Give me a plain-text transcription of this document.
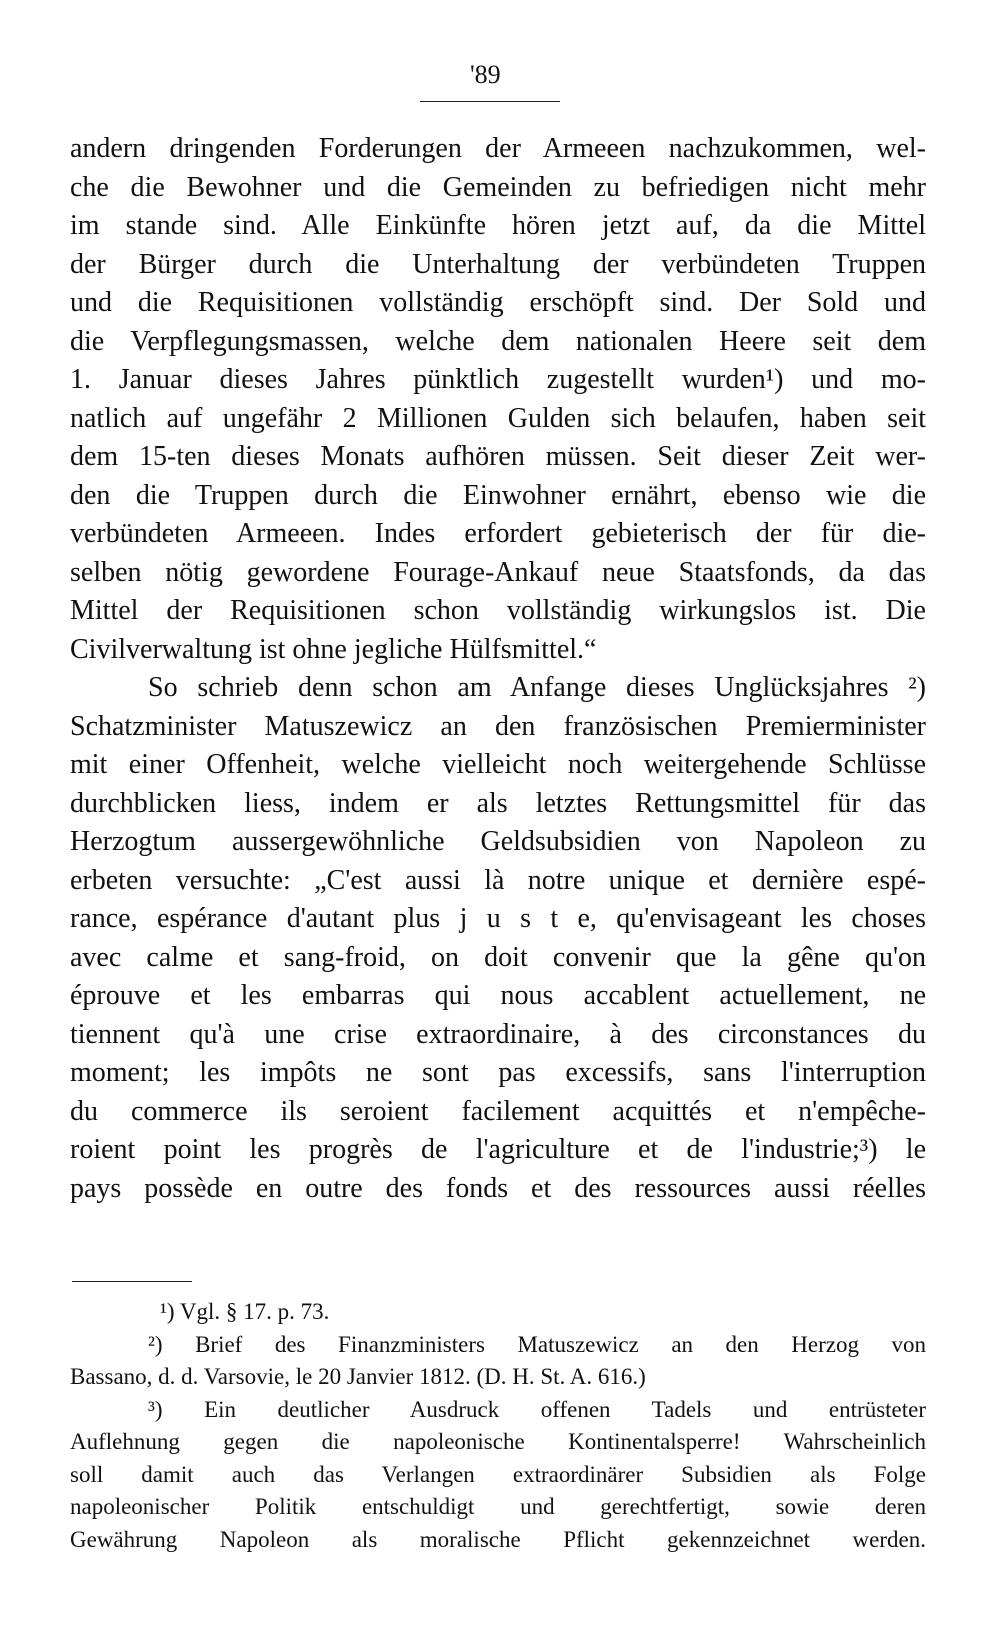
'89
andern dringenden Forderungen der Armeeen nachzukommen, wel-
che die Bewohner und die Gemeinden zu befriedigen nicht mehr
im stande sind. Alle Einkünfte hören jetzt auf, da die Mittel
der Bürger durch die Unterhaltung der verbündeten Truppen
und die Requisitionen vollständig erschöpft sind. Der Sold und
die Verpflegungsmassen, welche dem nationalen Heere seit dem
1. Januar dieses Jahres pünktlich zugestellt wurden¹) und mo-
natlich auf ungefähr 2 Millionen Gulden sich belaufen, haben seit
dem 15-ten dieses Monats aufhören müssen. Seit dieser Zeit wer-
den die Truppen durch die Einwohner ernährt, ebenso wie die
verbündeten Armeeen. Indes erfordert gebieterisch der für die-
selben nötig gewordene Fourage-Ankauf neue Staatsfonds, da das
Mittel der Requisitionen schon vollständig wirkungslos ist. Die
Civilverwaltung ist ohne jegliche Hülfsmittel.“
So schrieb denn schon am Anfange dieses Unglücksjahres ²)
Schatzminister Matuszewicz an den französischen Premierminister
mit einer Offenheit, welche vielleicht noch weitergehende Schlüsse
durchblicken liess, indem er als letztes Rettungsmittel für das
Herzogtum aussergewöhnliche Geldsubsidien von Napoleon zu
erbeten versuchte: „C'est aussi là notre unique et dernière espé-
rance, espérance d'autant plus j u s t e, qu'envisageant les choses
avec calme et sang-froid, on doit convenir que la gêne qu'on
éprouve et les embarras qui nous accablent actuellement, ne
tiennent qu'à une crise extraordinaire, à des circonstances du
moment; les impôts ne sont pas excessifs, sans l'interruption
du commerce ils seroient facilement acquittés et n'empêche-
roient point les progrès de l'agriculture et de l'industrie;³) le
pays possède en outre des fonds et des ressources aussi réelles
¹) Vgl. § 17. p. 73.
²) Brief des Finanzministers Matuszewicz an den Herzog von
Bassano, d. d. Varsovie, le 20 Janvier 1812. (D. H. St. A. 616.)
³) Ein deutlicher Ausdruck offenen Tadels und entrüsteter
Auflehnung gegen die napoleonische Kontinentalsperre! Wahrscheinlich
soll damit auch das Verlangen extraordinärer Subsidien als Folge
napoleonischer Politik entschuldigt und gerechtfertigt, sowie deren
Gewährung Napoleon als moralische Pflicht gekennzeichnet werden.
